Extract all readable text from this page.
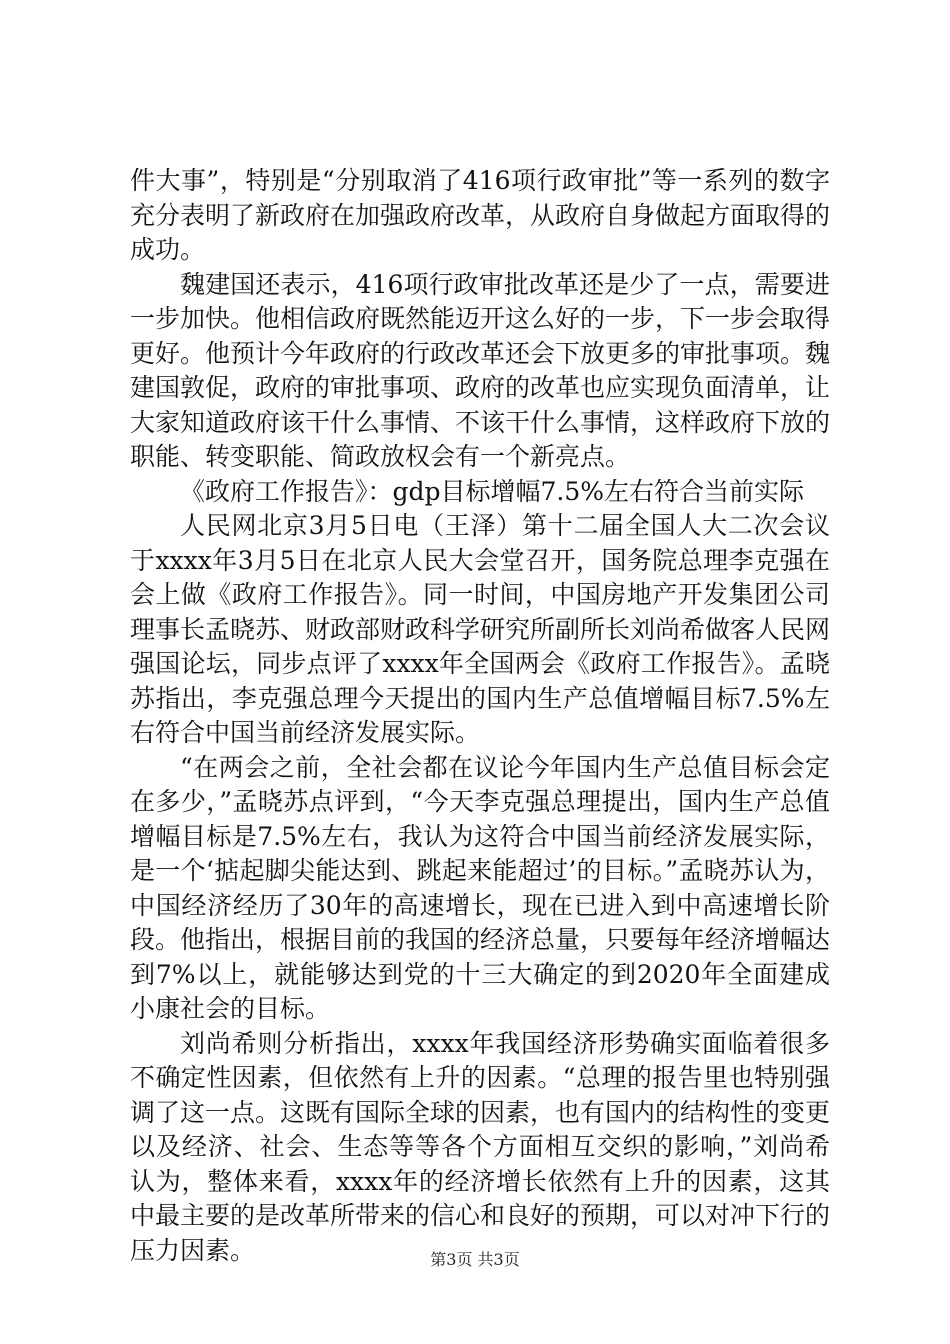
件大事”，特别是“分别取消了416项行政审批”等一系列的数字充分表明了新政府在加强政府改革，从政府自身做起方面取得的成功。

魏建国还表示，416项行政审批改革还是少了一点，需要进一步加快。他相信政府既然能迈开这么好的一步，下一步会取得更好。他预计今年政府的行政改革还会下放更多的审批事项。魏建国敦促，政府的审批事项、政府的改革也应实现负面清单，让大家知道政府该干什么事情、不该干什么事情，这样政府下放的职能、转变职能、简政放权会有一个新亮点。

《政府工作报告》：gdp目标增幅7.5%左右符合当前实际

人民网北京3月5日电（王泽）第十二届全国人大二次会议于xxxx年3月5日在北京人民大会堂召开，国务院总理李克强在会上做《政府工作报告》。同一时间，中国房地产开发集团公司理事长孟晓苏、财政部财政科学研究所副所长刘尚希做客人民网强国论坛，同步点评了xxxx年全国两会《政府工作报告》。孟晓苏指出，李克强总理今天提出的国内生产总值增幅目标7.5%左右符合中国当前经济发展实际。

“在两会之前，全社会都在议论今年国内生产总值目标会定在多少，”孟晓苏点评到，“今天李克强总理提出，国内生产总值增幅目标是7.5%左右，我认为这符合中国当前经济发展实际，是一个‘掂起脚尖能达到、跳起来能超过’的目标。”孟晓苏认为，中国经济经历了30年的高速增长，现在已进入到中高速增长阶段。他指出，根据目前的我国的经济总量，只要每年经济增幅达到7%以上，就能够达到党的十三大确定的到2020年全面建成小康社会的目标。

刘尚希则分析指出，xxxx年我国经济形势确实面临着很多不确定性因素，但依然有上升的因素。“总理的报告里也特别强调了这一点。这既有国际全球的因素，也有国内的结构性的变更以及经济、社会、生态等等各个方面相互交织的影响，”刘尚希认为，整体来看，xxxx年的经济增长依然有上升的因素，这其中最主要的是改革所带来的信心和良好的预期，可以对冲下行的压力因素。	第3页 共3页
